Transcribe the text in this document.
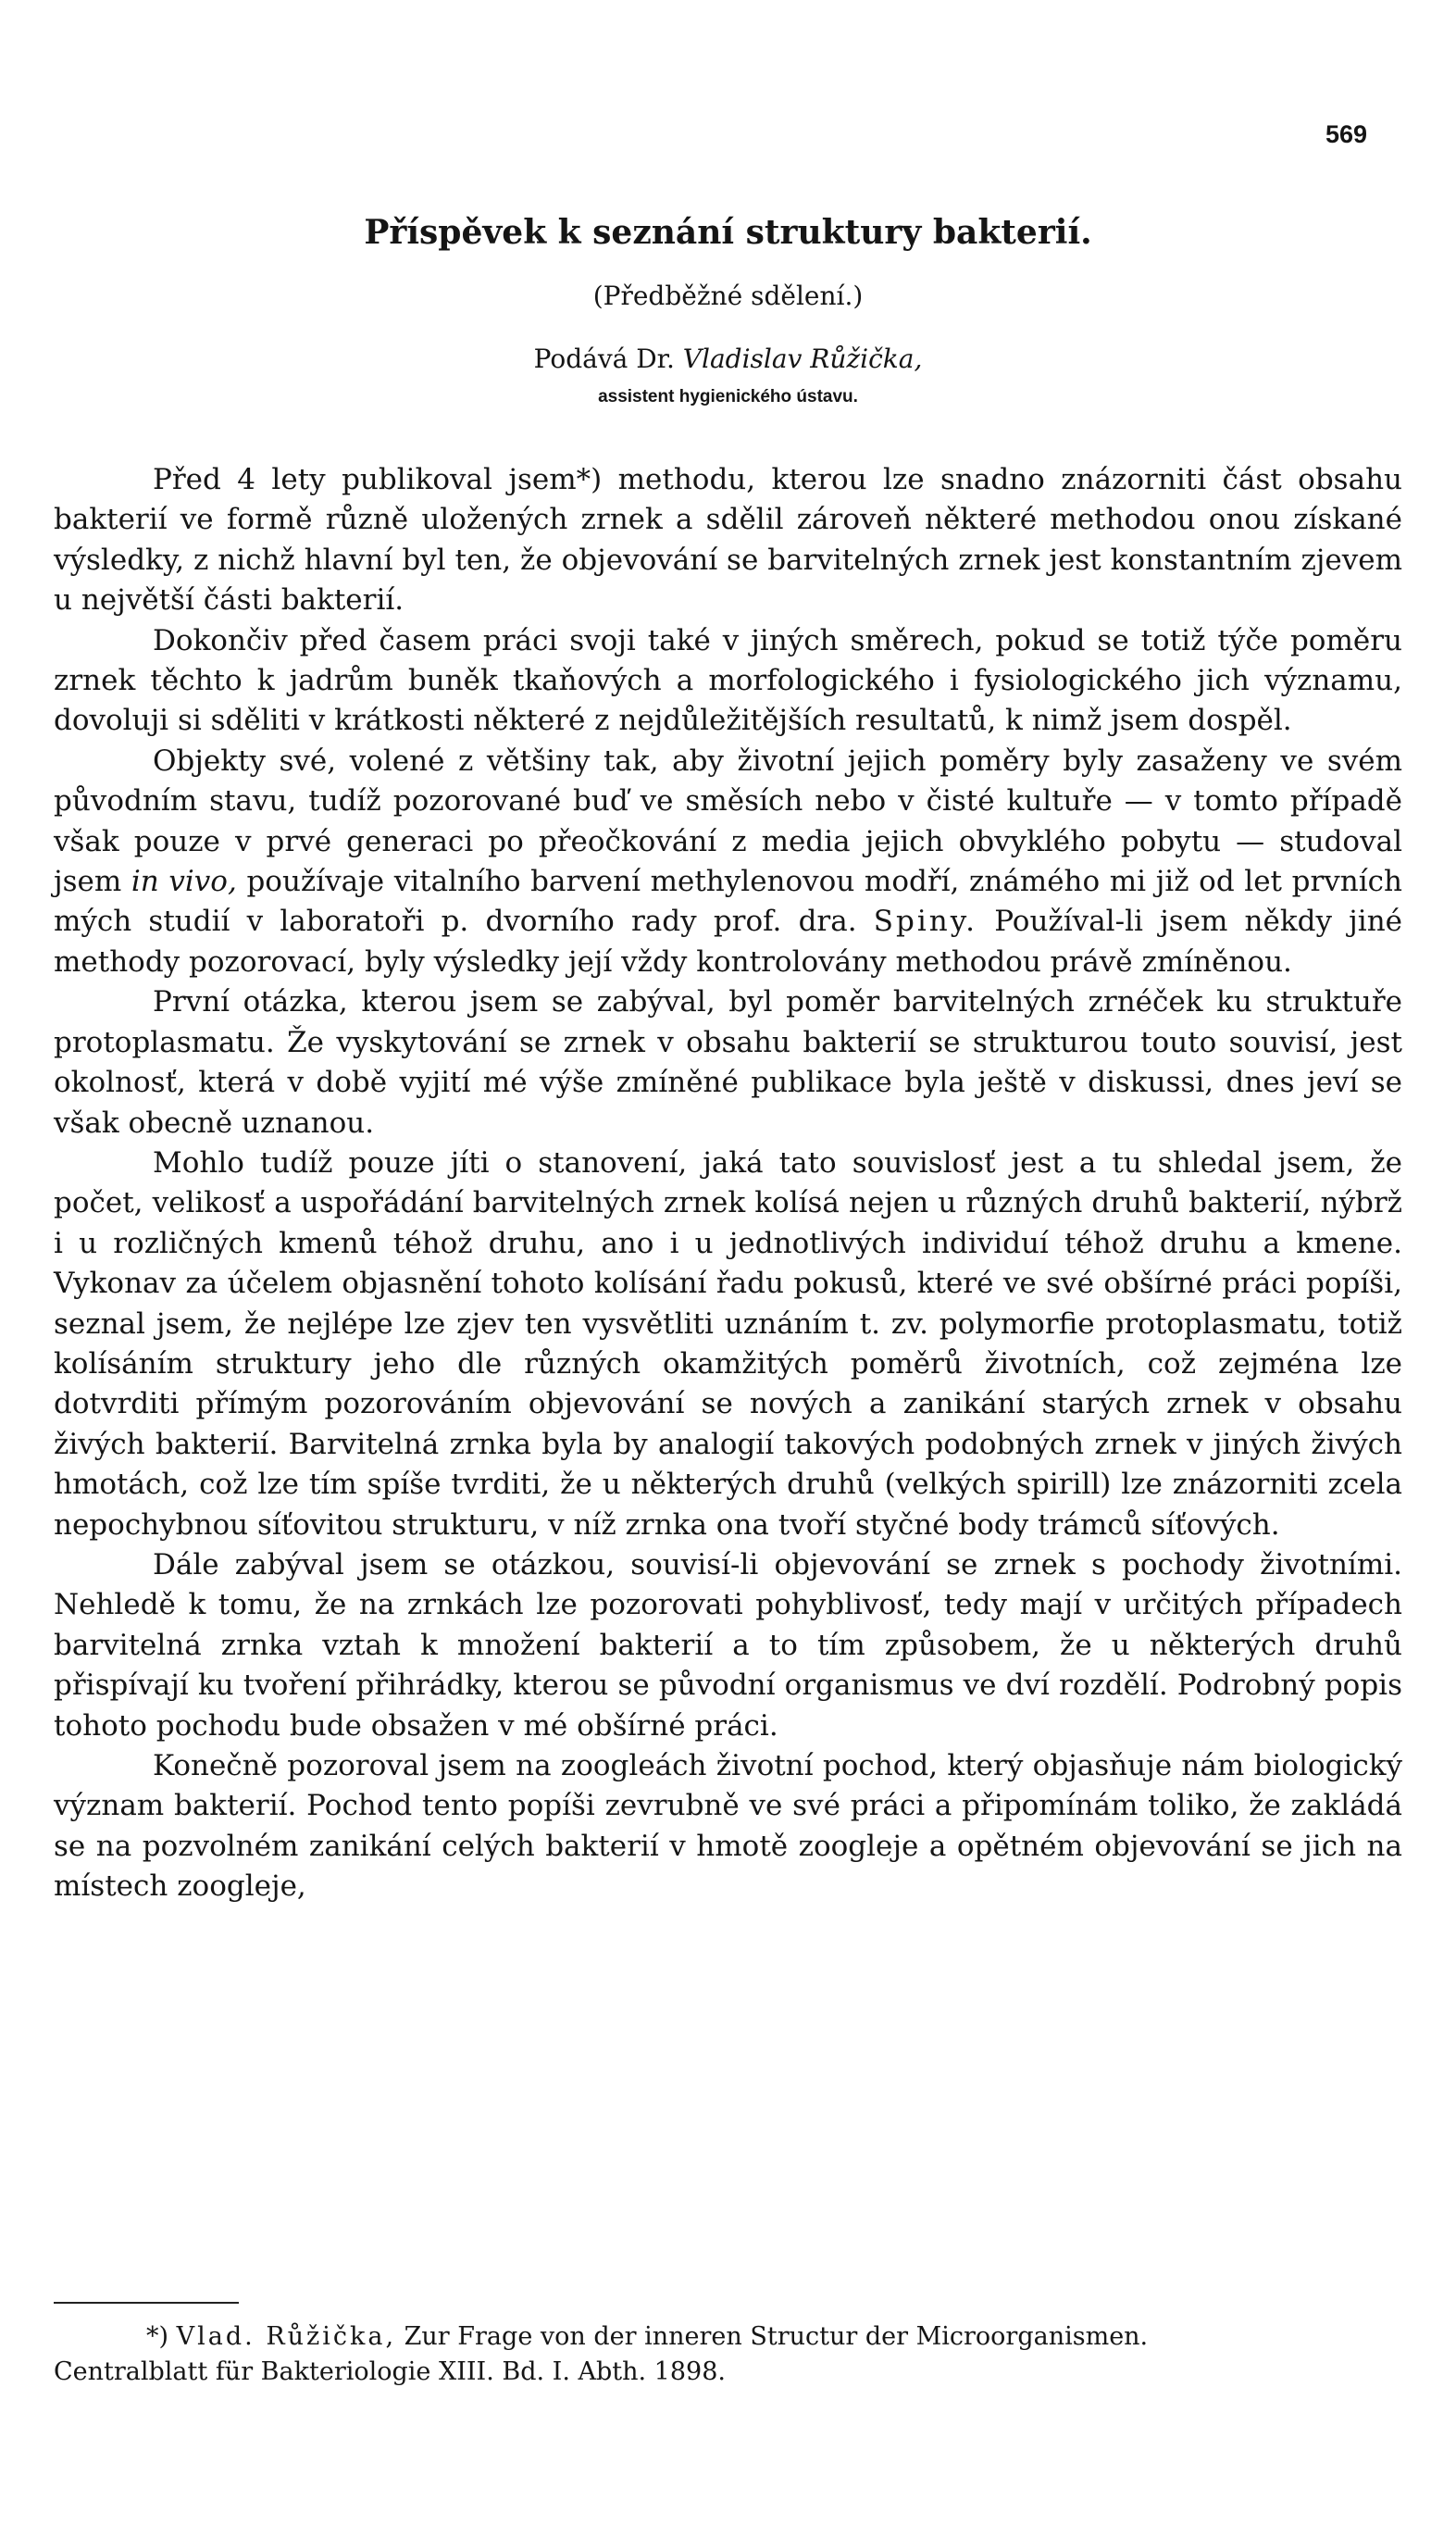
569
Příspěvek k seznání struktury bakterií.
(Předběžné sdělení.)
Podává Dr. Vladislav Růžička,
assistent hygienického ústavu.

Před 4 lety publikoval jsem*) methodu, kterou lze snadno znázorniti část obsahu bakterií ve formě různě uložených zrnek a sdělil zároveň některé methodou onou získané výsledky, z nichž hlavní byl ten, že objevování se barvitelných zrnek jest konstantním zjevem u největší části bakterií.

Dokončiv před časem práci svoji také v jiných směrech, pokud se totiž týče poměru zrnek těchto k jadrům buněk tkaňových a morfologického i fysiologického jich významu, dovoluji si sděliti v krátkosti některé z nejdůležitějších resultatů, k nimž jsem dospěl.

Objekty své, volené z většiny tak, aby životní jejich poměry byly zasaženy ve svém původním stavu, tudíž pozorované buď ve směsích nebo v čisté kultuře — v tomto případě však pouze v prvé generaci po přeočkování z media jejich obvyklého pobytu — studoval jsem in vivo, používaje vitalního barvení methylenovou modří, známého mi již od let prvních mých studií v laboratoři p. dvorního rady prof. dra. Spiny. Používal-li jsem někdy jiné methody pozorovací, byly výsledky její vždy kontrolovány methodou právě zmíněnou.

První otázka, kterou jsem se zabýval, byl poměr barvitelných zrnéček ku struktuře protoplasmatu. Že vyskytování se zrnek v obsahu bakterií se strukturou touto souvisí, jest okolnosť, která v době vyjití mé výše zmíněné publikace byla ještě v diskussi, dnes jeví se však obecně uznanou.

Mohlo tudíž pouze jíti o stanovení, jaká tato souvislosť jest a tu shledal jsem, že počet, velikosť a uspořádání barvitelných zrnek kolísá nejen u různých druhů bakterií, nýbrž i u rozličných kmenů téhož druhu, ano i u jednotlivých individuí téhož druhu a kmene. Vykonav za účelem objasnění tohoto kolísání řadu pokusů, které ve své obšírné práci popíši, seznal jsem, že nejlépe lze zjev ten vysvětliti uznáním t. zv. polymorfie protoplasmatu, totiž kolísáním struktury jeho dle různých okamžitých poměrů životních, což zejména lze dotvrditi přímým pozorováním objevování se nových a zanikání starých zrnek v obsahu živých bakterií. Barvitelná zrnka byla by analogií takových podobných zrnek v jiných živých hmotách, což lze tím spíše tvrditi, že u některých druhů (velkých spirill) lze znázorniti zcela nepochybnou síťovitou strukturu, v níž zrnka ona tvoří styčné body trámců síťových.

Dále zabýval jsem se otázkou, souvisí-li objevování se zrnek s pochody životními. Nehledě k tomu, že na zrnkách lze pozorovati pohyblivosť, tedy mají v určitých případech barvitelná zrnka vztah k množení bakterií a to tím způsobem, že u některých druhů přispívají ku tvoření přihrádky, kterou se původní organismus ve dví rozdělí. Podrobný popis tohoto pochodu bude obsažen v mé obšírné práci.

Konečně pozoroval jsem na zoogleách životní pochod, který objasňuje nám biologický význam bakterií. Pochod tento popíši zevrubně ve své práci a připomínám toliko, že zakládá se na pozvolném zanikání celých bakterií v hmotě zoogleje a opětném objevování se jich na místech zoogleje,

*) Vlad. Růžička, Zur Frage von der inneren Structur der Microorganismen.
Centralblatt für Bakteriologie XIII. Bd. I. Abth. 1898.
